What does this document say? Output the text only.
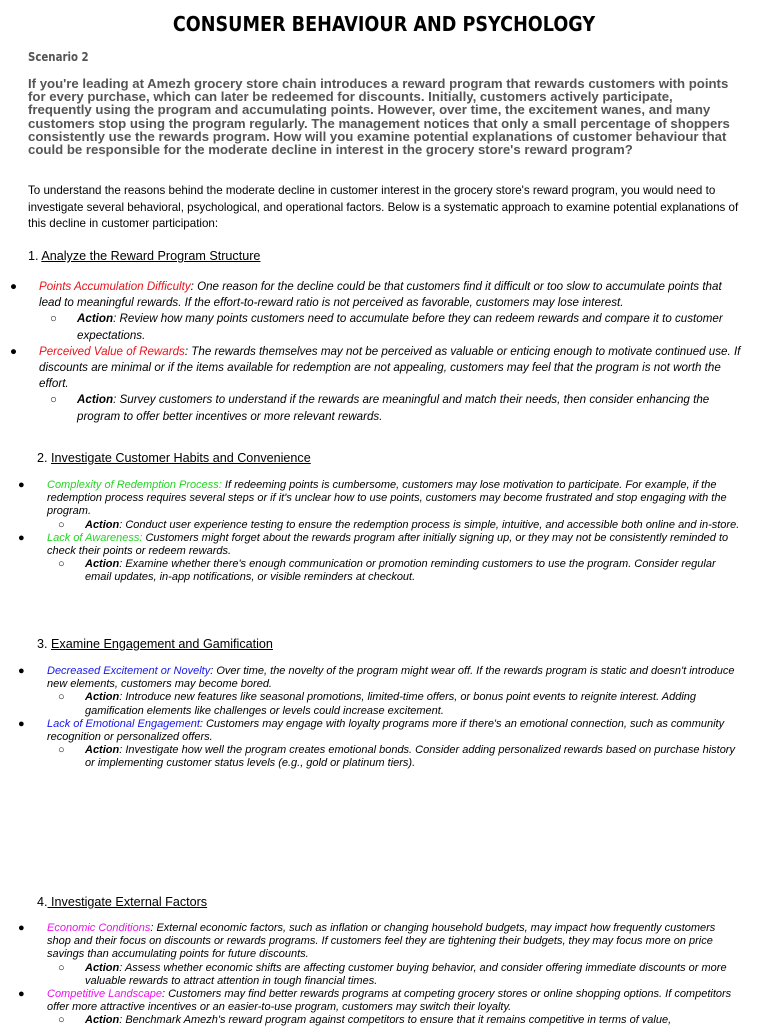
CONSUMER BEHAVIOUR AND PSYCHOLOGY
Scenario 2
If you're leading at Amezh grocery store chain introduces a reward program that rewards customers with points for every purchase, which can later be redeemed for discounts. Initially, customers actively participate, frequently using the program and accumulating points. However, over time, the excitement wanes, and many customers stop using the program regularly. The management notices that only a small percentage of shoppers consistently use the rewards program. How will you examine potential explanations of customer behaviour that could be responsible for the moderate decline in interest in the grocery store's reward program?
To understand the reasons behind the moderate decline in customer interest in the grocery store's reward program, you would need to investigate several behavioral, psychological, and operational factors. Below is a systematic approach to examine potential explanations of this decline in customer participation:
1. Analyze the Reward Program Structure
● Points Accumulation Difficulty: One reason for the decline could be that customers find it difficult or too slow to accumulate points that lead to meaningful rewards. If the effort-to-reward ratio is not perceived as favorable, customers may lose interest.
○ Action: Review how many points customers need to accumulate before they can redeem rewards and compare it to customer expectations.
● Perceived Value of Rewards: The rewards themselves may not be perceived as valuable or enticing enough to motivate continued use. If discounts are minimal or if the items available for redemption are not appealing, customers may feel that the program is not worth the effort.
○ Action: Survey customers to understand if the rewards are meaningful and match their needs, then consider enhancing the program to offer better incentives or more relevant rewards.
2. Investigate Customer Habits and Convenience
● Complexity of Redemption Process: If redeeming points is cumbersome, customers may lose motivation to participate. For example, if the redemption process requires several steps or if it's unclear how to use points, customers may become frustrated and stop engaging with the program.
○ Action: Conduct user experience testing to ensure the redemption process is simple, intuitive, and accessible both online and in-store.
● Lack of Awareness: Customers might forget about the rewards program after initially signing up, or they may not be consistently reminded to check their points or redeem rewards.
○ Action: Examine whether there's enough communication or promotion reminding customers to use the program. Consider regular email updates, in-app notifications, or visible reminders at checkout.
3. Examine Engagement and Gamification
● Decreased Excitement or Novelty: Over time, the novelty of the program might wear off. If the rewards program is static and doesn't introduce new elements, customers may become bored.
○ Action: Introduce new features like seasonal promotions, limited-time offers, or bonus point events to reignite interest. Adding gamification elements like challenges or levels could increase excitement.
● Lack of Emotional Engagement: Customers may engage with loyalty programs more if there's an emotional connection, such as community recognition or personalized offers.
○ Action: Investigate how well the program creates emotional bonds. Consider adding personalized rewards based on purchase history or implementing customer status levels (e.g., gold or platinum tiers).
4. Investigate External Factors
● Economic Conditions: External economic factors, such as inflation or changing household budgets, may impact how frequently customers shop and their focus on discounts or rewards programs. If customers feel they are tightening their budgets, they may focus more on price savings than accumulating points for future discounts.
○ Action: Assess whether economic shifts are affecting customer buying behavior, and consider offering immediate discounts or more valuable rewards to attract attention in tough financial times.
● Competitive Landscape: Customers may find better rewards programs at competing grocery stores or online shopping options. If competitors offer more attractive incentives or an easier-to-use program, customers may switch their loyalty.
○ Action: Benchmark Amezh's reward program against competitors to ensure that it remains competitive in terms of value,
